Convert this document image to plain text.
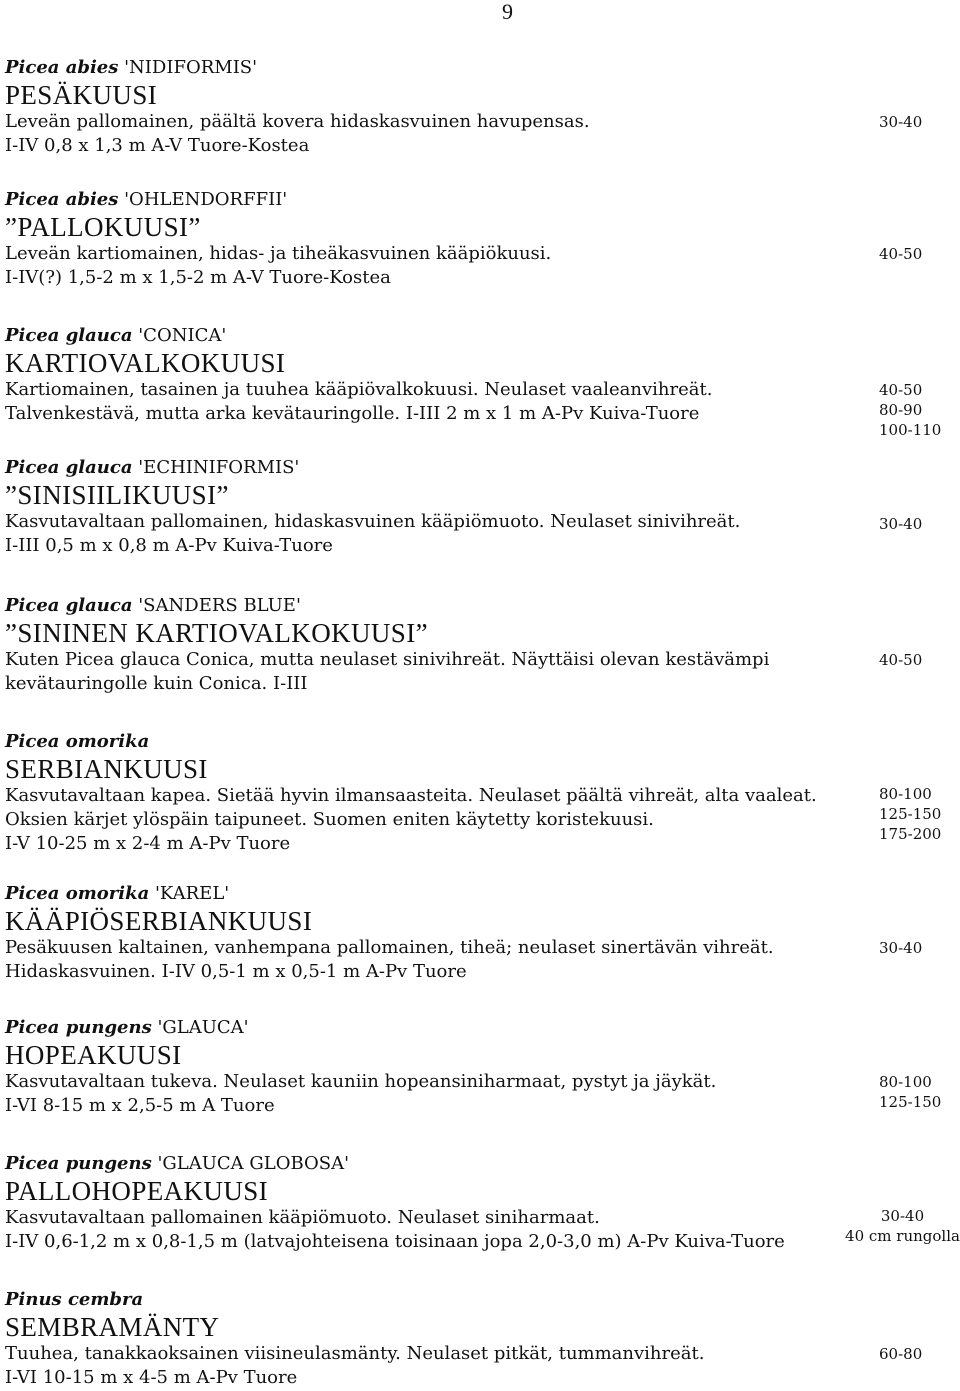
9
Picea abies 'NIDIFORMIS'
PESÄKUUSI
Leveän pallomainen, päältä kovera hidaskasvuinen havupensas.
I-IV 0,8 x 1,3 m A-V Tuore-Kostea
30-40
Picea abies 'OHLENDORFFII'
”PALLOKUUSI”
Leveän kartiomainen, hidas- ja tiheäkasvuinen kääpiökuusi.
I-IV(?) 1,5-2 m x 1,5-2 m A-V Tuore-Kostea
40-50
Picea glauca 'CONICA'
KARTIOVALKOKUUSI
Kartiomainen, tasainen ja tuuhea kääpiövalkokuusi. Neulaset vaaleanvihreät.
Talvenkestävä, mutta arka kevätauringolle. I-III 2 m x 1 m A-Pv Kuiva-Tuore
40-50
80-90
100-110
Picea glauca 'ECHINIFORMIS'
”SINISIILIKUUSI”
Kasvutavaltaan pallomainen, hidaskasvuinen kääpiömuoto. Neulaset sinivihreät.
I-III 0,5 m x 0,8 m A-Pv Kuiva-Tuore
30-40
Picea glauca 'SANDERS BLUE'
”SININEN KARTIOVALKOKUUSI”
Kuten Picea glauca Conica, mutta neulaset sinivihreät. Näyttäisi olevan kestävämpi
kevätauringolle kuin Conica. I-III
40-50
Picea omorika
SERBIANKUUSI
Kasvutavaltaan kapea. Sietää hyvin ilmansaasteita. Neulaset päältä vihreät, alta vaaleat.
Oksien kärjet ylöspäin taipuneet. Suomen eniten käytetty koristekuusi.
I-V 10-25 m x 2-4 m A-Pv Tuore
80-100
125-150
175-200
Picea omorika 'KAREL'
KÄÄPIÖSERBIANKUUSI
Pesäkuusen kaltainen, vanhempana pallomainen, tiheä; neulaset sinertävän vihreät.
Hidaskasvuinen. I-IV 0,5-1 m x 0,5-1 m A-Pv Tuore
30-40
Picea pungens 'GLAUCA'
HOPEAKUUSI
Kasvutavaltaan tukeva. Neulaset kauniin hopeansiniharmaat, pystyt ja jäykät.
I-VI 8-15 m x 2,5-5 m A Tuore
80-100
125-150
Picea pungens 'GLAUCA GLOBOSA'
PALLOHOPEAKUUSI
Kasvutavaltaan pallomainen kääpiömuoto. Neulaset siniharmaat.
I-IV 0,6-1,2 m x 0,8-1,5 m (latvajohteisena toisinaan jopa 2,0-3,0 m) A-Pv Kuiva-Tuore
30-40
40 cm rungolla
Pinus cembra
SEMBRAMÄNTY
Tuuhea, tanakkaoksainen viisineulasmänty. Neulaset pitkät, tummanvihreät.
I-VI 10-15 m x 4-5 m A-Pv Tuore
60-80
